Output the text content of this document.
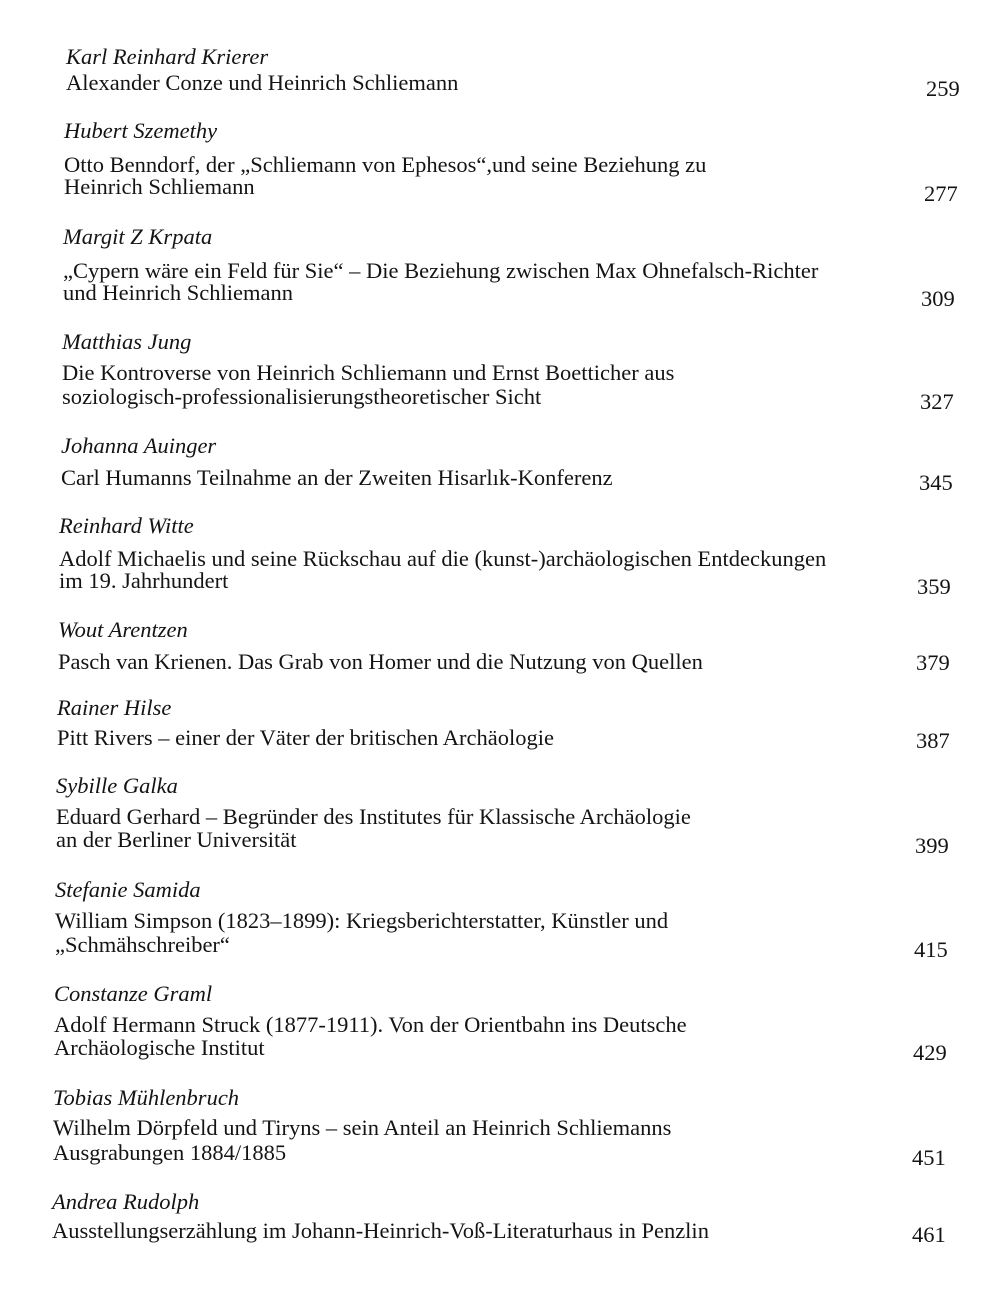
Karl Reinhard Krierer
Alexander Conze und Heinrich Schliemann	259
Hubert Szemethy
Otto Benndorf, der „Schliemann von Ephesos“,und seine Beziehung zu
Heinrich Schliemann	277
Margit Z Krpata
„Cypern wäre ein Feld für Sie“ – Die Beziehung zwischen Max Ohnefalsch-Richter
und Heinrich Schliemann	309
Matthias Jung
Die Kontroverse von Heinrich Schliemann und Ernst Boetticher aus
soziologisch-professionalisierungstheoretischer Sicht	327
Johanna Auinger
Carl Humanns Teilnahme an der Zweiten Hisarlık-Konferenz	345
Reinhard Witte
Adolf Michaelis und seine Rückschau auf die (kunst-)archäologischen Entdeckungen
im 19. Jahrhundert	359
Wout Arentzen
Pasch van Krienen. Das Grab von Homer und die Nutzung von Quellen	379
Rainer Hilse
Pitt Rivers – einer der Väter der britischen Archäologie	387
Sybille Galka
Eduard Gerhard – Begründer des Institutes für Klassische Archäologie
an der Berliner Universität	399
Stefanie Samida
William Simpson (1823–1899): Kriegsberichterstatter, Künstler und
„Schmähschreiber“	415
Constanze Graml
Adolf Hermann Struck (1877-1911). Von der Orientbahn ins Deutsche
Archäologische Institut	429
Tobias Mühlenbruch
Wilhelm Dörpfeld und Tiryns – sein Anteil an Heinrich Schliemanns
Ausgrabungen 1884/1885	451
Andrea Rudolph
Ausstellungserzählung im Johann-Heinrich-Voß-Literaturhaus in Penzlin	461
